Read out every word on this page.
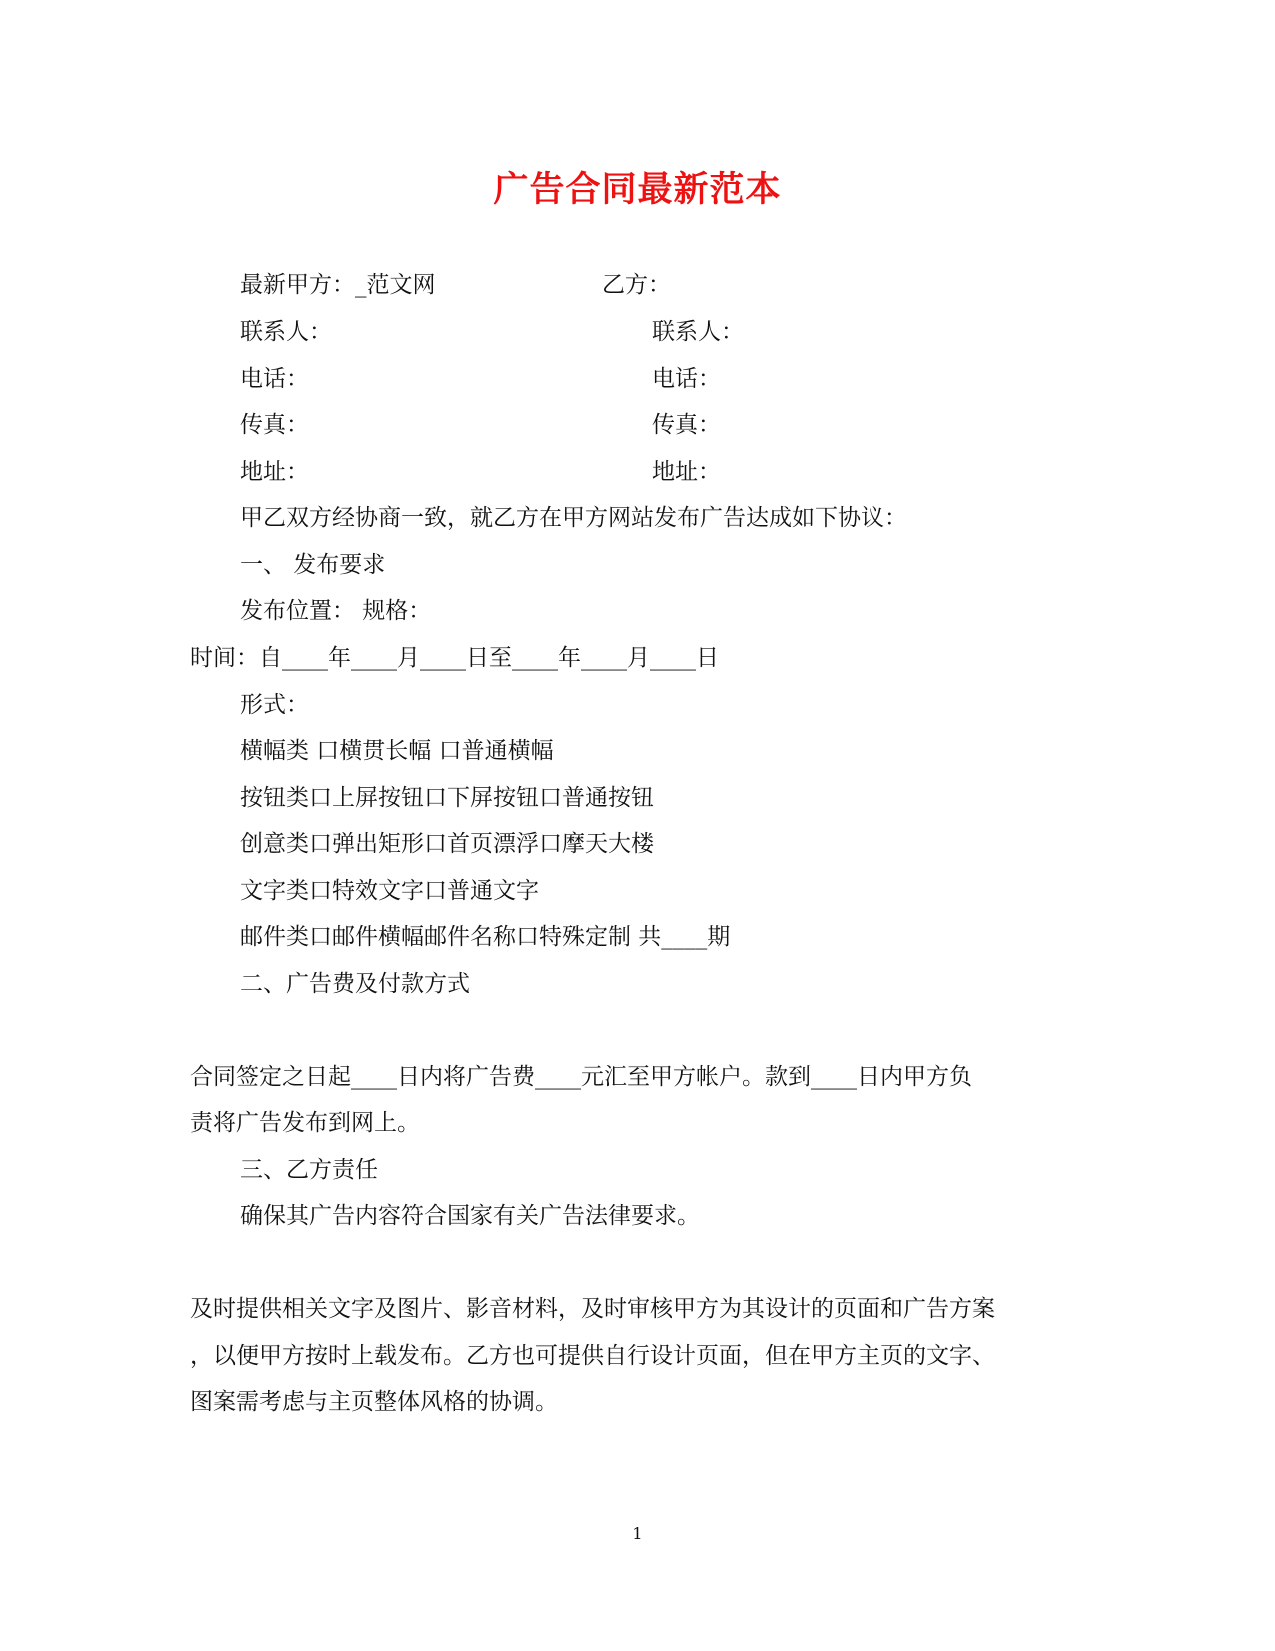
广告合同最新范本
最新甲方：_范文网	乙方：
联系人：	联系人：
电话：	电话：
传真：	传真：
地址：	地址：
甲乙双方经协商一致，就乙方在甲方网站发布广告达成如下协议：
一、 发布要求
发布位置： 规格：
时间：自____年____月____日至____年____月____日
形式：
横幅类 口横贯长幅 口普通横幅
按钮类口上屏按钮口下屏按钮口普通按钮
创意类口弹出矩形口首页漂浮口摩天大楼
文字类口特效文字口普通文字
邮件类口邮件横幅邮件名称口特殊定制 共____期
二、广告费及付款方式
合同签定之日起____日内将广告费____元汇至甲方帐户。款到____日内甲方负
责将广告发布到网上。
三、乙方责任
确保其广告内容符合国家有关广告法律要求。
及时提供相关文字及图片、影音材料，及时审核甲方为其设计的页面和广告方案
，以便甲方按时上载发布。乙方也可提供自行设计页面，但在甲方主页的文字、
图案需考虑与主页整体风格的协调。
1
